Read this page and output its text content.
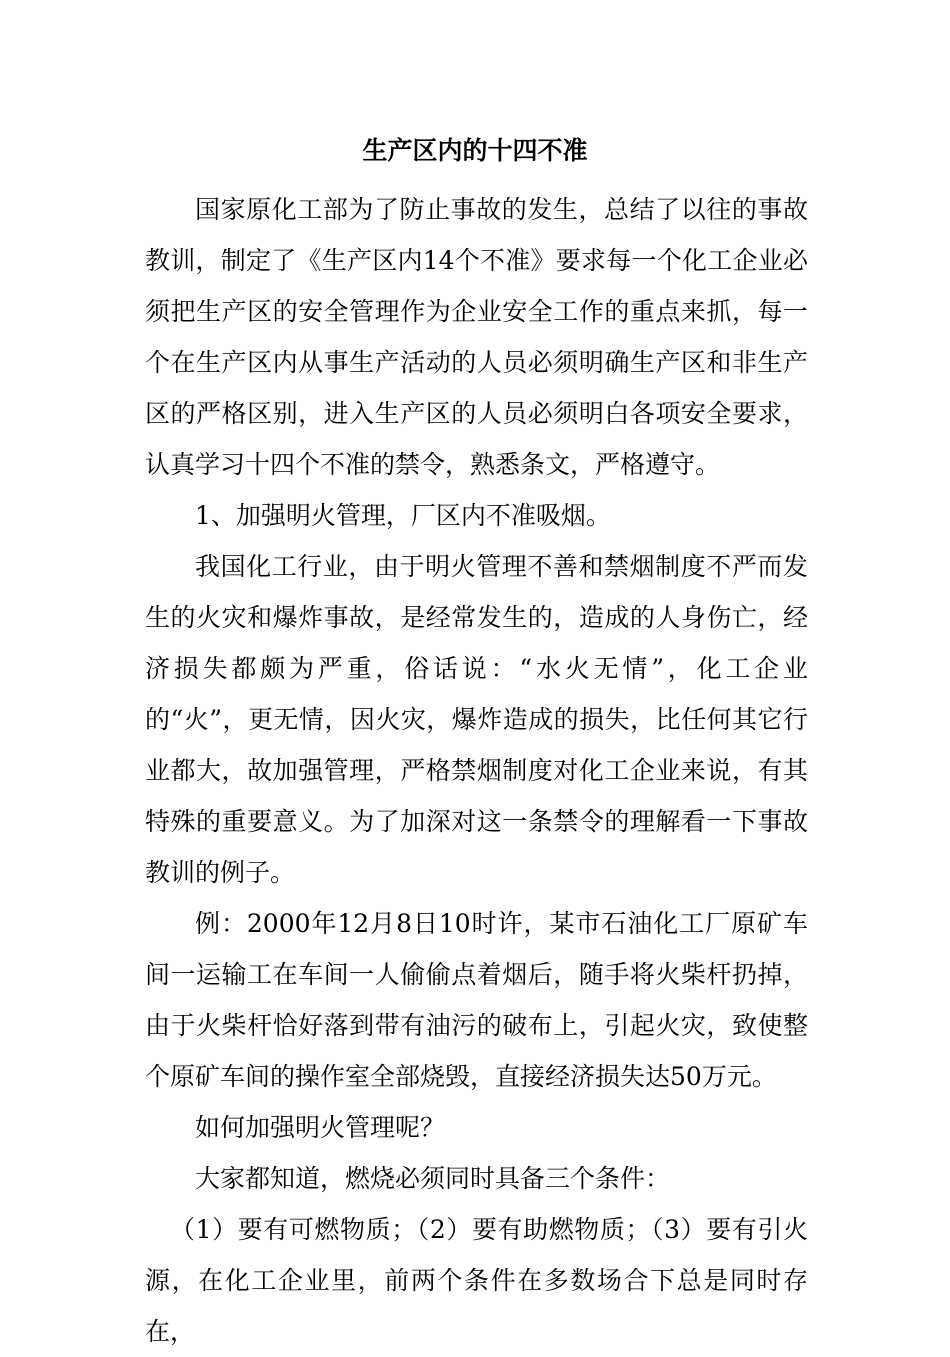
生产区内的十四不准

国家原化工部为了防止事故的发生，总结了以往的事故教训，制定了《生产区内14个不准》要求每一个化工企业必须把生产区的安全管理作为企业安全工作的重点来抓，每一个在生产区内从事生产活动的人员必须明确生产区和非生产区的严格区别，进入生产区的人员必须明白各项安全要求，认真学习十四个不准的禁令，熟悉条文，严格遵守。

1、加强明火管理，厂区内不准吸烟。

我国化工行业，由于明火管理不善和禁烟制度不严而发生的火灾和爆炸事故，是经常发生的，造成的人身伤亡，经济损失都颇为严重，俗话说：“水火无情”，化工企业的“火”，更无情，因火灾，爆炸造成的损失，比任何其它行业都大，故加强管理，严格禁烟制度对化工企业来说，有其特殊的重要意义。为了加深对这一条禁令的理解看一下事故教训的例子。

例：2000年12月8日10时许，某市石油化工厂原矿车间一运输工在车间一人偷偷点着烟后，随手将火柴杆扔掉，由于火柴杆恰好落到带有油污的破布上，引起火灾，致使整个原矿车间的操作室全部烧毁，直接经济损失达50万元。

如何加强明火管理呢？

大家都知道，燃烧必须同时具备三个条件：

（1）要有可燃物质；（2）要有助燃物质；（3）要有引火源，在化工企业里，前两个条件在多数场合下总是同时存在，
